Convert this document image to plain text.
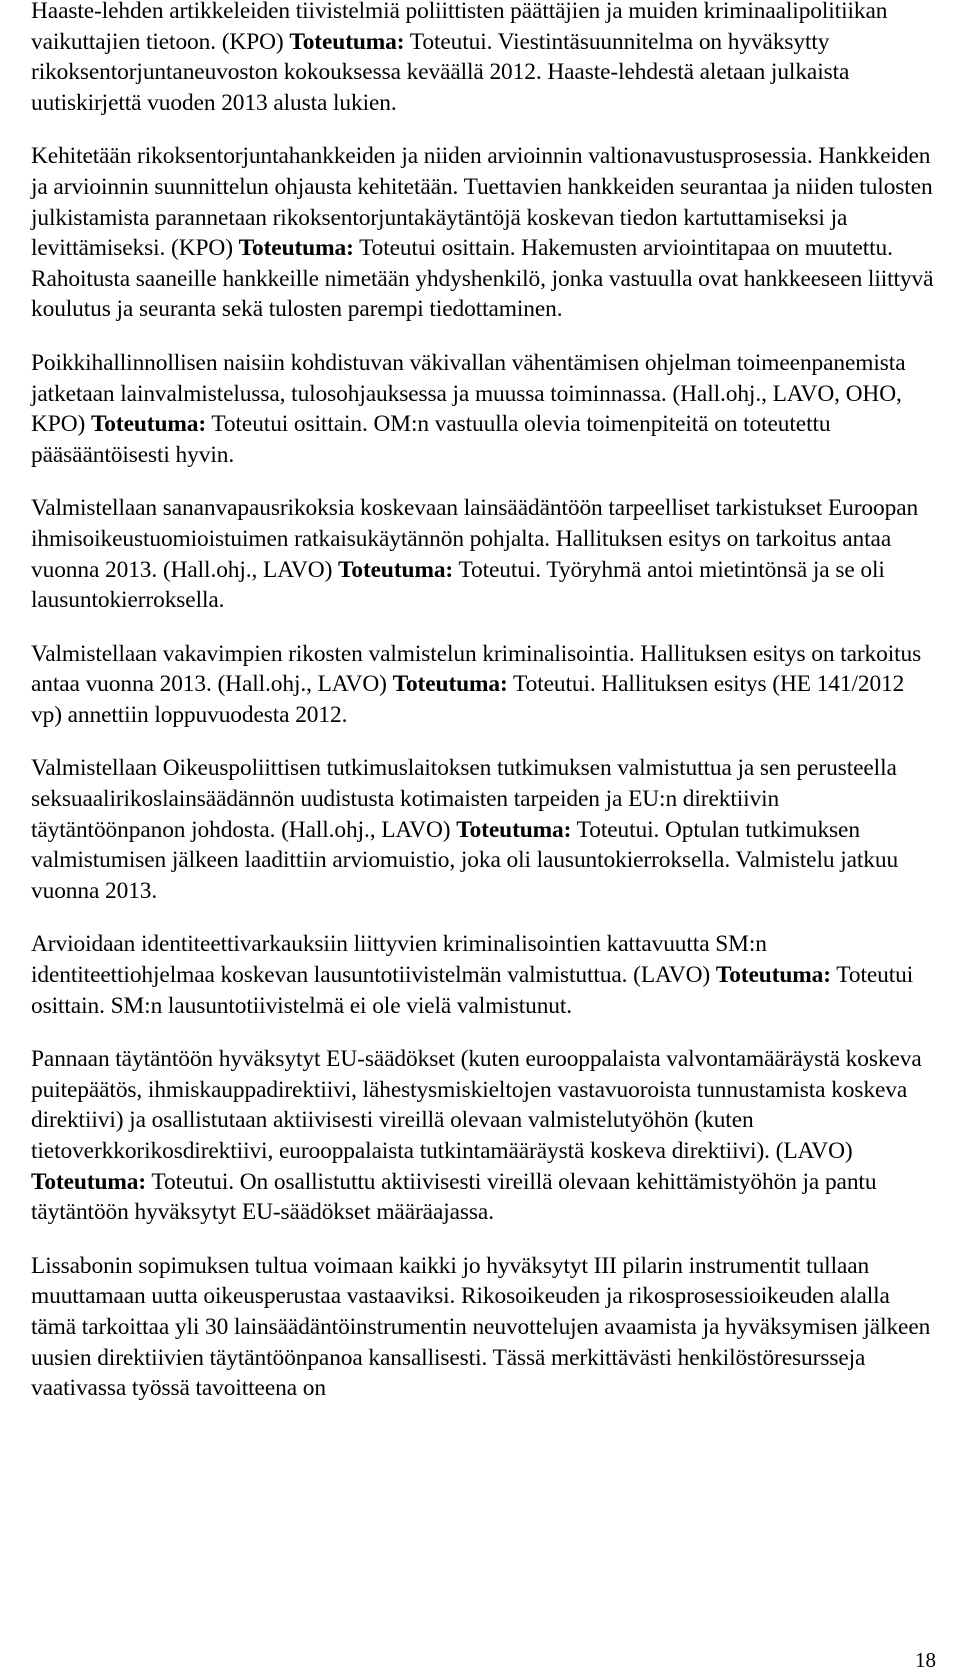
Haaste-lehden artikkeleiden tiivistelmiä poliittisten päättäjien ja muiden kriminaalipolitiikan vaikuttajien tietoon. (KPO) Toteutuma: Toteutui. Viestintäsuunnitelma on hyväksytty rikoksentorjuntaneuvoston kokouksessa keväällä 2012. Haaste-lehdestä aletaan julkaista uutiskirjettä vuoden 2013 alusta lukien.

Kehitetään rikoksentorjuntahankkeiden ja niiden arvioinnin valtionavustusprosessia. Hankkeiden ja arvioinnin suunnittelun ohjausta kehitetään. Tuettavien hankkeiden seurantaa ja niiden tulosten julkistamista parannetaan rikoksentorjuntakäytäntöjä koskevan tiedon kartuttamiseksi ja levittämiseksi. (KPO) Toteutuma: Toteutui osittain. Hakemusten arviointitapaa on muutettu. Rahoitusta saaneille hankkeille nimetään yhdyshenkilö, jonka vastuulla ovat hankkeeseen liittyvä koulutus ja seuranta sekä tulosten parempi tiedottaminen.

Poikkihallinnollisen naisiin kohdistuvan väkivallan vähentämisen ohjelman toimeenpanemista jatketaan lainvalmistelussa, tulosohjauksessa ja muussa toiminnassa. (Hall.ohj., LAVO, OHO, KPO) Toteutuma: Toteutui osittain. OM:n vastuulla olevia toimenpiteitä on toteutettu pääsääntöisesti hyvin.

Valmistellaan sananvapausrikoksia koskevaan lainsäädäntöön tarpeelliset tarkistukset Euroopan ihmisoikeustuomioistuimen ratkaisukäytännön pohjalta. Hallituksen esitys on tarkoitus antaa vuonna 2013. (Hall.ohj., LAVO) Toteutuma: Toteutui. Työryhmä antoi mietintönsä ja se oli lausuntokierroksella.

Valmistellaan vakavimpien rikosten valmistelun kriminalisointia. Hallituksen esitys on tarkoitus antaa vuonna 2013. (Hall.ohj., LAVO) Toteutuma: Toteutui. Hallituksen esitys (HE 141/2012 vp) annettiin loppuvuodesta 2012.

Valmistellaan Oikeuspoliittisen tutkimuslaitoksen tutkimuksen valmistuttua ja sen perusteella seksuaalirikoslainsäädännön uudistusta kotimaisten tarpeiden ja EU:n direktiivin täytäntöönpanon johdosta. (Hall.ohj., LAVO) Toteutuma: Toteutui. Optulan tutkimuksen valmistumisen jälkeen laadittiin arviomuistio, joka oli lausuntokierroksella. Valmistelu jatkuu vuonna 2013.

Arvioidaan identiteettivarkauksiin liittyvien kriminalisointien kattavuutta SM:n identiteettiohjelmaa koskevan lausuntotiivistelmän valmistuttua. (LAVO) Toteutuma: Toteutui osittain. SM:n lausuntotiivistelmä ei ole vielä valmistunut.

Pannaan täytäntöön hyväksytyt EU-säädökset (kuten eurooppalaista valvontamääräystä koskeva puitepäätös, ihmiskauppadirektiivi, lähestysmiskieltojen vastavuoroista tunnustamista koskeva direktiivi) ja osallistutaan aktiivisesti vireillä olevaan valmistelutyöhön (kuten tietoverkkorikosdirektiivi, eurooppalaista tutkintamääräystä koskeva direktiivi). (LAVO) Toteutuma: Toteutui. On osallistuttu aktiivisesti vireillä olevaan kehittämistyöhön ja pantu täytäntöön hyväksytyt EU-säädökset määräajassa.

Lissabonin sopimuksen tultua voimaan kaikki jo hyväksytyt III pilarin instrumentit tullaan muuttamaan uutta oikeusperustaa vastaaviksi. Rikosoikeuden ja rikosprosessioikeuden alalla tämä tarkoittaa yli 30 lainsäädäntöinstrumentin neuvottelujen avaamista ja hyväksymisen jälkeen uusien direktiivien täytäntöönpanoa kansallisesti. Tässä merkittävästi henkilöstöresursseja vaativassa työssä tavoitteena on

18
